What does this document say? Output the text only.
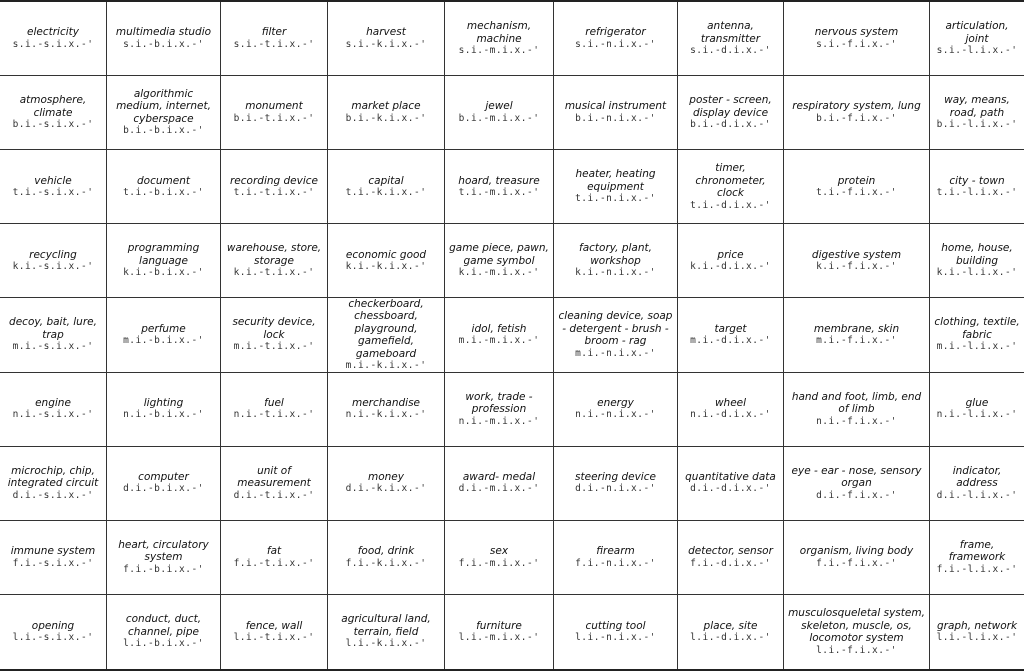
electricity
s.i.-s.i.x.-'
multimedia studio
s.i.-b.i.x.-'
filter
s.i.-t.i.x.-'
harvest
s.i.-k.i.x.-'
mechanism, machine
s.i.-m.i.x.-'
refrigerator
s.i.-n.i.x.-'
antenna, transmitter
s.i.-d.i.x.-'
nervous system
s.i.-f.i.x.-'
articulation, joint
s.i.-l.i.x.-'
atmosphere, climate
b.i.-s.i.x.-'
algorithmic medium, internet, cyberspace
b.i.-b.i.x.-'
monument
b.i.-t.i.x.-'
market place
b.i.-k.i.x.-'
jewel
b.i.-m.i.x.-'
musical instrument
b.i.-n.i.x.-'
poster - screen, display device
b.i.-d.i.x.-'
respiratory system, lung
b.i.-f.i.x.-'
way, means, road, path
b.i.-l.i.x.-'
vehicle
t.i.-s.i.x.-'
document
t.i.-b.i.x.-'
recording device
t.i.-t.i.x.-'
capital
t.i.-k.i.x.-'
hoard, treasure
t.i.-m.i.x.-'
heater, heating equipment
t.i.-n.i.x.-'
timer, chronometer, clock
t.i.-d.i.x.-'
protein
t.i.-f.i.x.-'
city - town
t.i.-l.i.x.-'
recycling
k.i.-s.i.x.-'
programming language
k.i.-b.i.x.-'
warehouse, store, storage
k.i.-t.i.x.-'
economic good
k.i.-k.i.x.-'
game piece, pawn, game symbol
k.i.-m.i.x.-'
factory, plant, workshop
k.i.-n.i.x.-'
price
k.i.-d.i.x.-'
digestive system
k.i.-f.i.x.-'
home, house, building
k.i.-l.i.x.-'
decoy, bait, lure, trap
m.i.-s.i.x.-'
perfume
m.i.-b.i.x.-'
security device, lock
m.i.-t.i.x.-'
checkerboard, chessboard, playground, gamefield, gameboard
m.i.-k.i.x.-'
idol, fetish
m.i.-m.i.x.-'
cleaning device, soap - detergent - brush - broom - rag
m.i.-n.i.x.-'
target
m.i.-d.i.x.-'
membrane, skin
m.i.-f.i.x.-'
clothing, textile, fabric
m.i.-l.i.x.-'
engine
n.i.-s.i.x.-'
lighting
n.i.-b.i.x.-'
fuel
n.i.-t.i.x.-'
merchandise
n.i.-k.i.x.-'
work, trade - profession
n.i.-m.i.x.-'
energy
n.i.-n.i.x.-'
wheel
n.i.-d.i.x.-'
hand and foot, limb, end of limb
n.i.-f.i.x.-'
glue
n.i.-l.i.x.-'
microchip, chip, integrated circuit
d.i.-s.i.x.-'
computer
d.i.-b.i.x.-'
unit of measurement
d.i.-t.i.x.-'
money
d.i.-k.i.x.-'
award- medal
d.i.-m.i.x.-'
steering device
d.i.-n.i.x.-'
quantitative data
d.i.-d.i.x.-'
eye - ear - nose, sensory organ
d.i.-f.i.x.-'
indicator, address
d.i.-l.i.x.-'
immune system
f.i.-s.i.x.-'
heart, circulatory system
f.i.-b.i.x.-'
fat
f.i.-t.i.x.-'
food, drink
f.i.-k.i.x.-'
sex
f.i.-m.i.x.-'
firearm
f.i.-n.i.x.-'
detector, sensor
f.i.-d.i.x.-'
organism, living body
f.i.-f.i.x.-'
frame, framework
f.i.-l.i.x.-'
opening
l.i.-s.i.x.-'
conduct, duct, channel, pipe
l.i.-b.i.x.-'
fence, wall
l.i.-t.i.x.-'
agricultural land, terrain, field
l.i.-k.i.x.-'
furniture
l.i.-m.i.x.-'
cutting tool
l.i.-n.i.x.-'
place, site
l.i.-d.i.x.-'
musculosqueletal system, skeleton, muscle, os, locomotor system
l.i.-f.i.x.-'
graph, network
l.i.-l.i.x.-'
